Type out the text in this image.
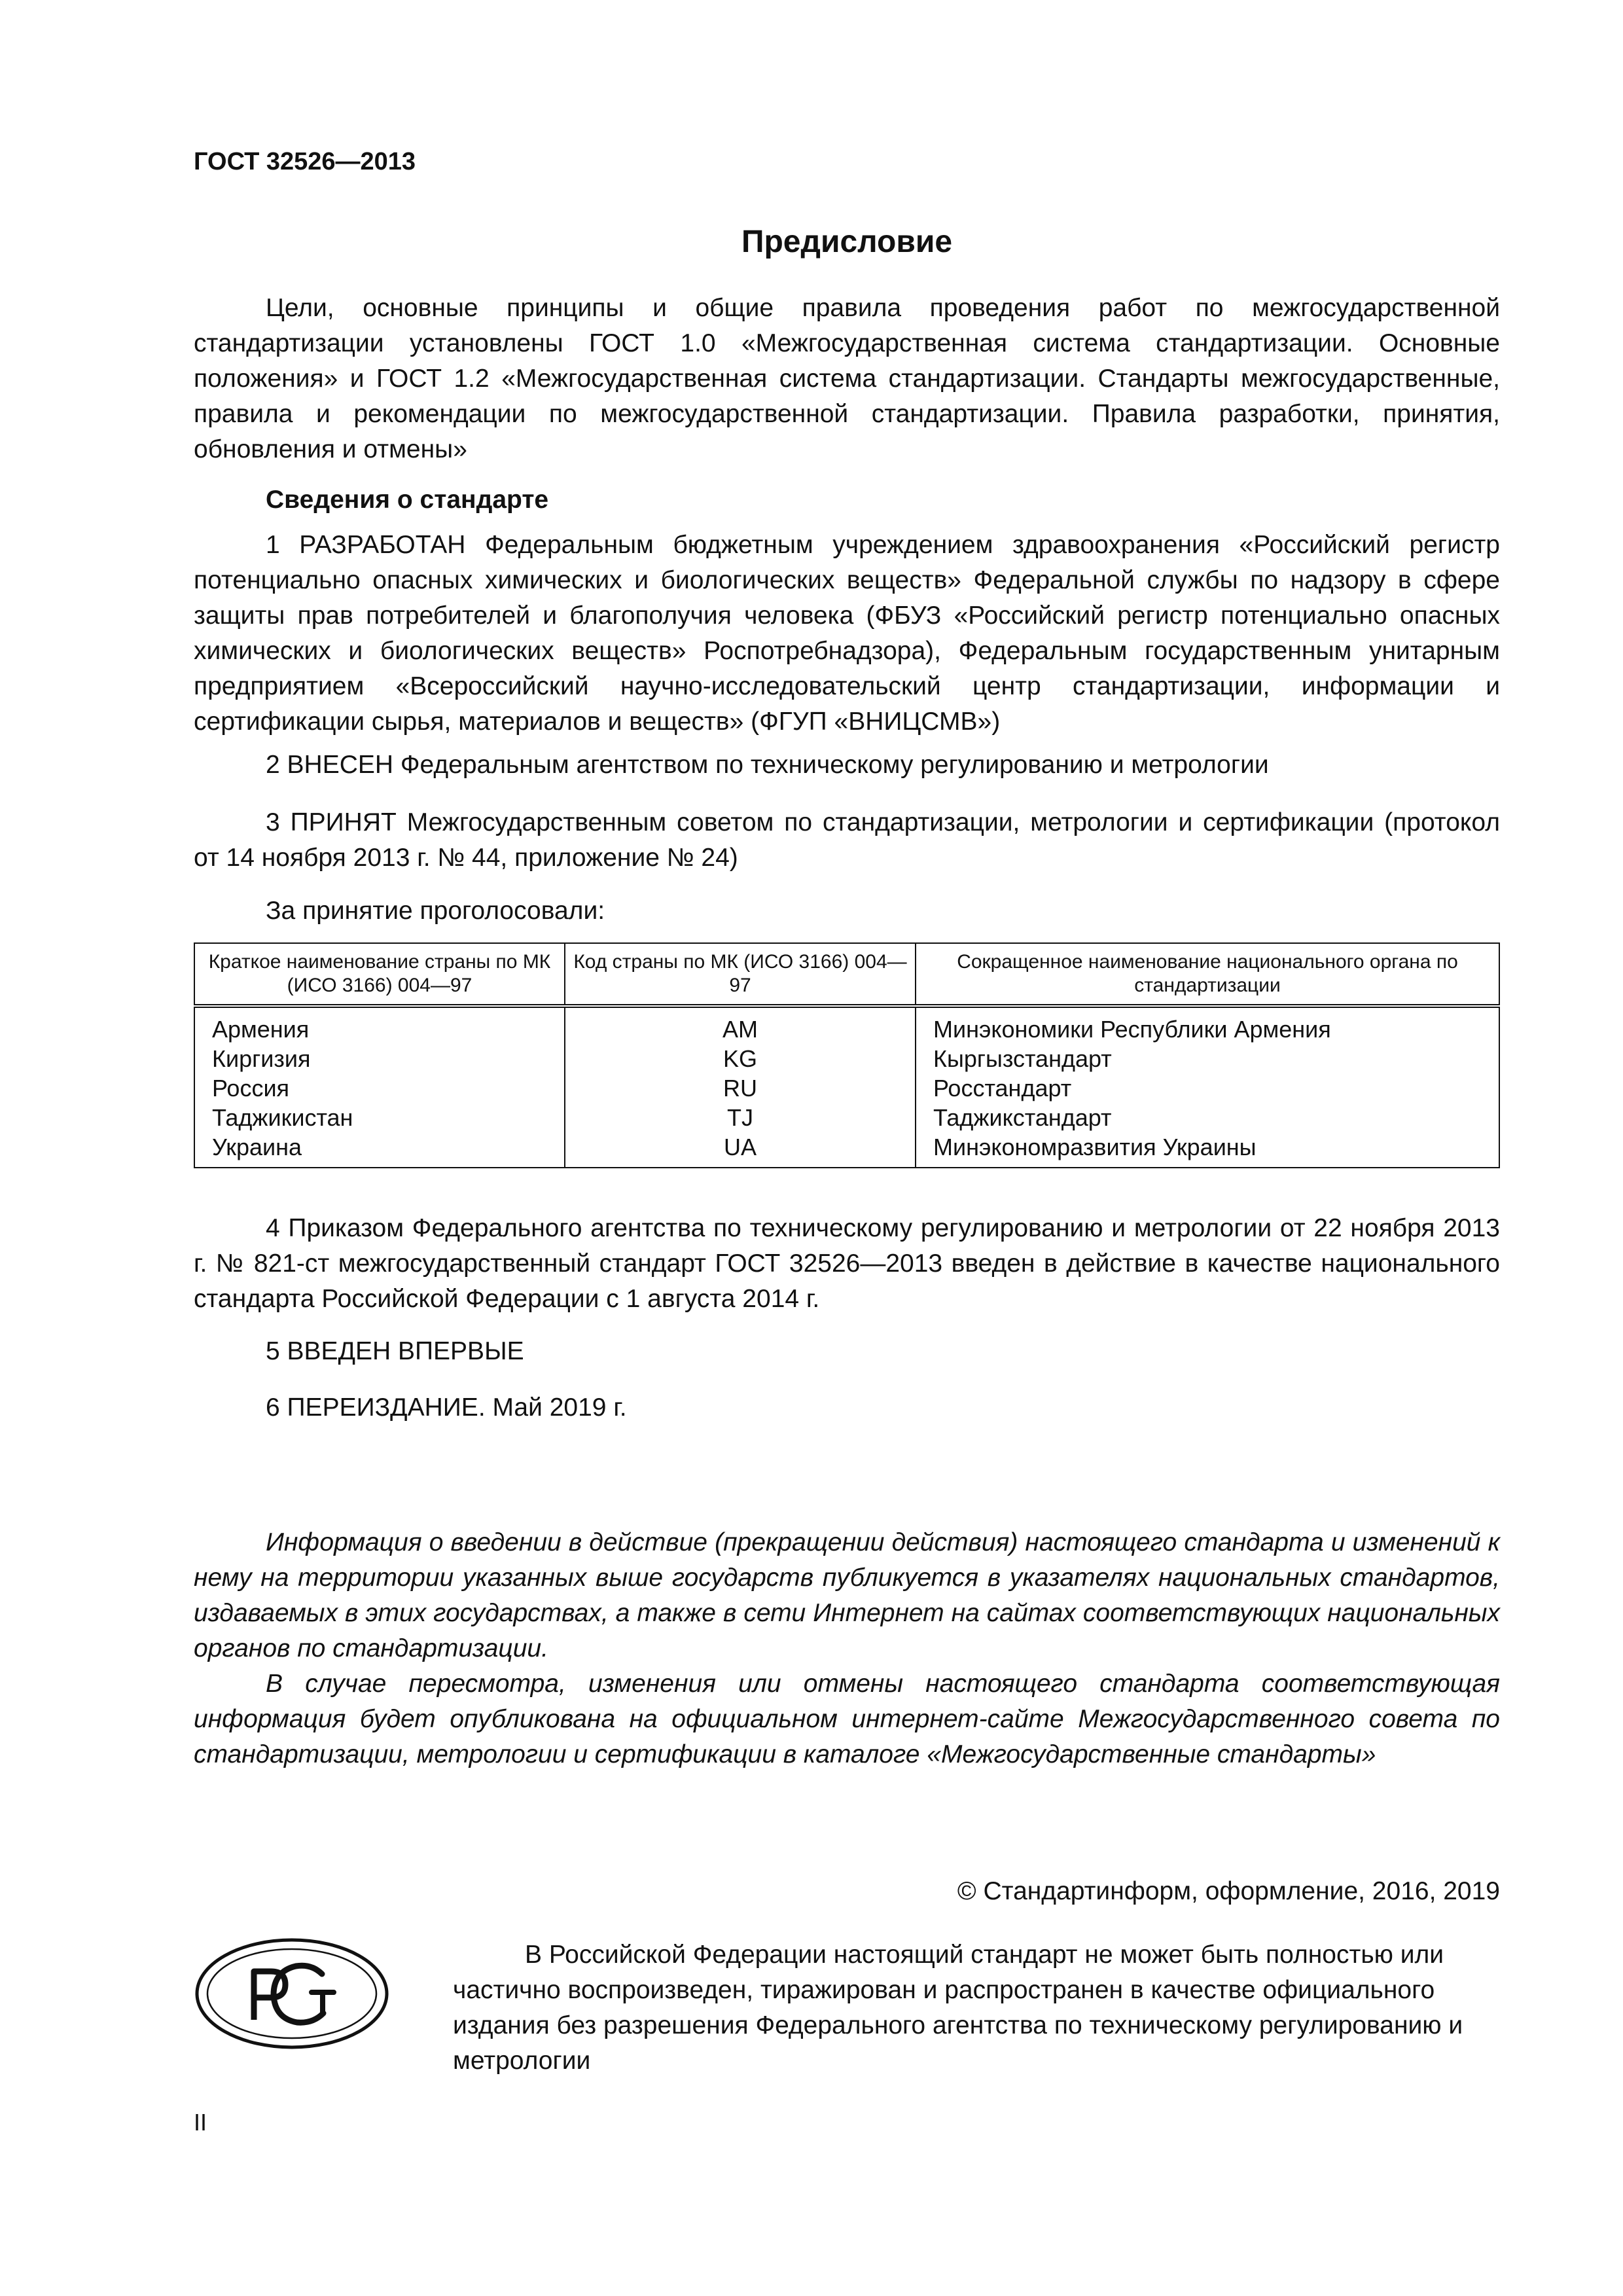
ГОСТ 32526—2013
Предисловие

Цели, основные принципы и общие правила проведения работ по межгосударственной стандартизации установлены ГОСТ 1.0 «Межгосударственная система стандартизации. Основные положения» и ГОСТ 1.2 «Межгосударственная система стандартизации. Стандарты межгосударственные, правила и рекомендации по межгосударственной стандартизации. Правила разработки, принятия, обновления и отмены»

Сведения о стандарте

1 РАЗРАБОТАН Федеральным бюджетным учреждением здравоохранения «Российский регистр потенциально опасных химических и биологических веществ» Федеральной службы по надзору в сфере защиты прав потребителей и благополучия человека (ФБУЗ «Российский регистр потенциально опасных химических и биологических веществ» Роспотребнадзора), Федеральным государственным унитарным предприятием «Всероссийский научно-исследовательский центр стандартизации, информации и сертификации сырья, материалов и веществ» (ФГУП «ВНИЦСМВ»)

2 ВНЕСЕН Федеральным агентством по техническому регулированию и метрологии

3 ПРИНЯТ Межгосударственным советом по стандартизации, метрологии и сертификации (протокол от 14 ноября 2013 г. № 44, приложение № 24)

За принятие проголосовали:
Краткое наименование страны по МК (ИСО 3166) 004—97	Код страны по МК (ИСО 3166) 004—97	Сокращенное наименование национального органа по стандартизации
Армения	AM	Минэкономики Республики Армения
Киргизия	KG	Кыргызстандарт
Россия	RU	Росстандарт
Таджикистан	TJ	Таджикстандарт
Украина	UA	Минэкономразвития Украины

4 Приказом Федерального агентства по техническому регулированию и метрологии от 22 ноября 2013 г. № 821-ст межгосударственный стандарт ГОСТ 32526—2013 введен в действие в качестве национального стандарта Российской Федерации с 1 августа 2014 г.

5 ВВЕДЕН ВПЕРВЫЕ

6 ПЕРЕИЗДАНИЕ. Май 2019 г.

Информация о введении в действие (прекращении действия) настоящего стандарта и изменений к нему на территории указанных выше государств публикуется в указателях национальных стандартов, издаваемых в этих государствах, а также в сети Интернет на сайтах соответствующих национальных органов по стандартизации.

В случае пересмотра, изменения или отмены настоящего стандарта соответствующая информация будет опубликована на официальном интернет-сайте Межгосударственного совета по стандартизации, метрологии и сертификации в каталоге «Межгосударственные стандарты»

© Стандартинформ, оформление, 2016, 2019

В Российской Федерации настоящий стандарт не может быть полностью или частично воспроизведен, тиражирован и распространен в качестве официального издания без разрешения Федерального агентства по техническому регулированию и метрологии

II
